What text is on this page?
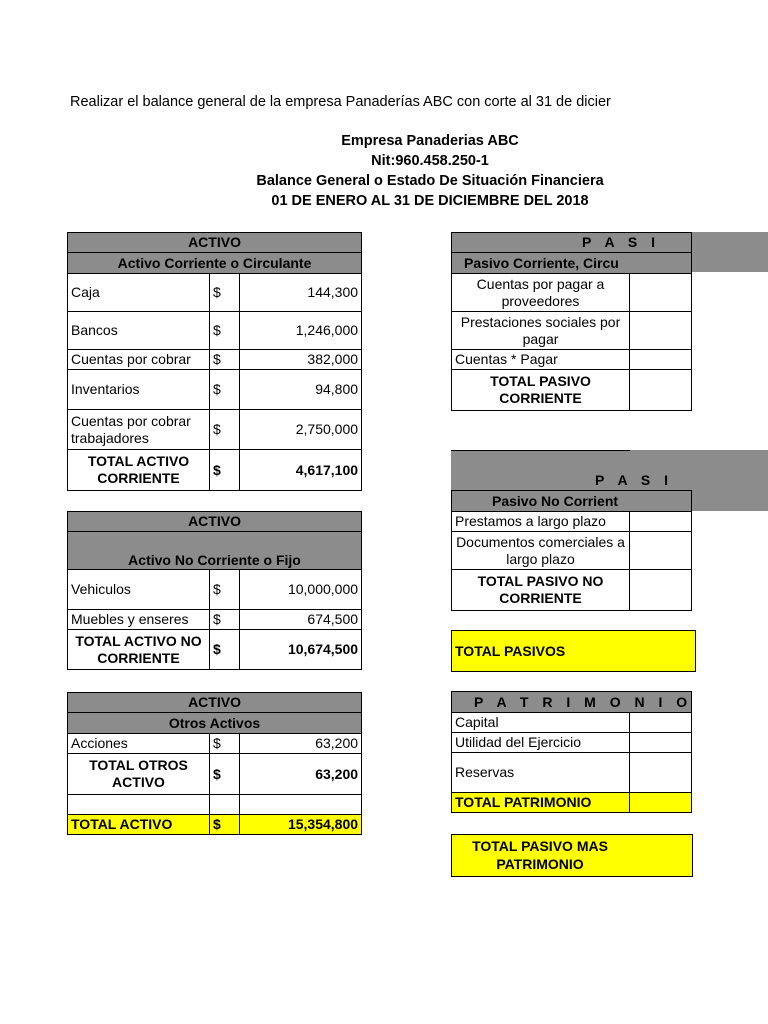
Realizar el balance general de la empresa Panaderías ABC con corte al 31 de dicier
Empresa Panaderias ABC
Nit:960.458.250-1
Balance General o Estado De Situación Financiera
01 DE ENERO AL 31 DE DICIEMBRE DEL 2018
ACTIVO		
Activo Corriente o Circulante		
Caja	$	144,300
Bancos	$	1,246,000
Cuentas por cobrar	$	382,000
Inventarios	$	94,800
Cuentas por cobrar trabajadores	$	2,750,000
TOTAL ACTIVO CORRIENTE	$	4,617,100
ACTIVO		
Activo No Corriente o Fijo		
Vehiculos	$	10,000,000
Muebles y enseres	$	674,500
TOTAL ACTIVO NO CORRIENTE	$	10,674,500
ACTIVO		
Otros Activos		
Acciones	$	63,200
TOTAL OTROS ACTIVO	$	63,200

TOTAL ACTIVO	$	15,354,800
P A S I	
Pasivo Corriente, Circu	
Cuentas por pagar a proveedores	
Prestaciones sociales por pagar	
Cuentas * Pagar	
TOTAL PASIVO CORRIENTE	
P A S I
Pasivo No Corrient	
Prestamos a largo plazo	
Documentos comerciales a largo plazo	
TOTAL PASIVO NO CORRIENTE	
TOTAL PASIVOS
P A T R I M O N I O	
Capital	
Utilidad del Ejercicio	
Reservas	
TOTAL PATRIMONIO	
TOTAL PASIVO MAS PATRIMONIO
